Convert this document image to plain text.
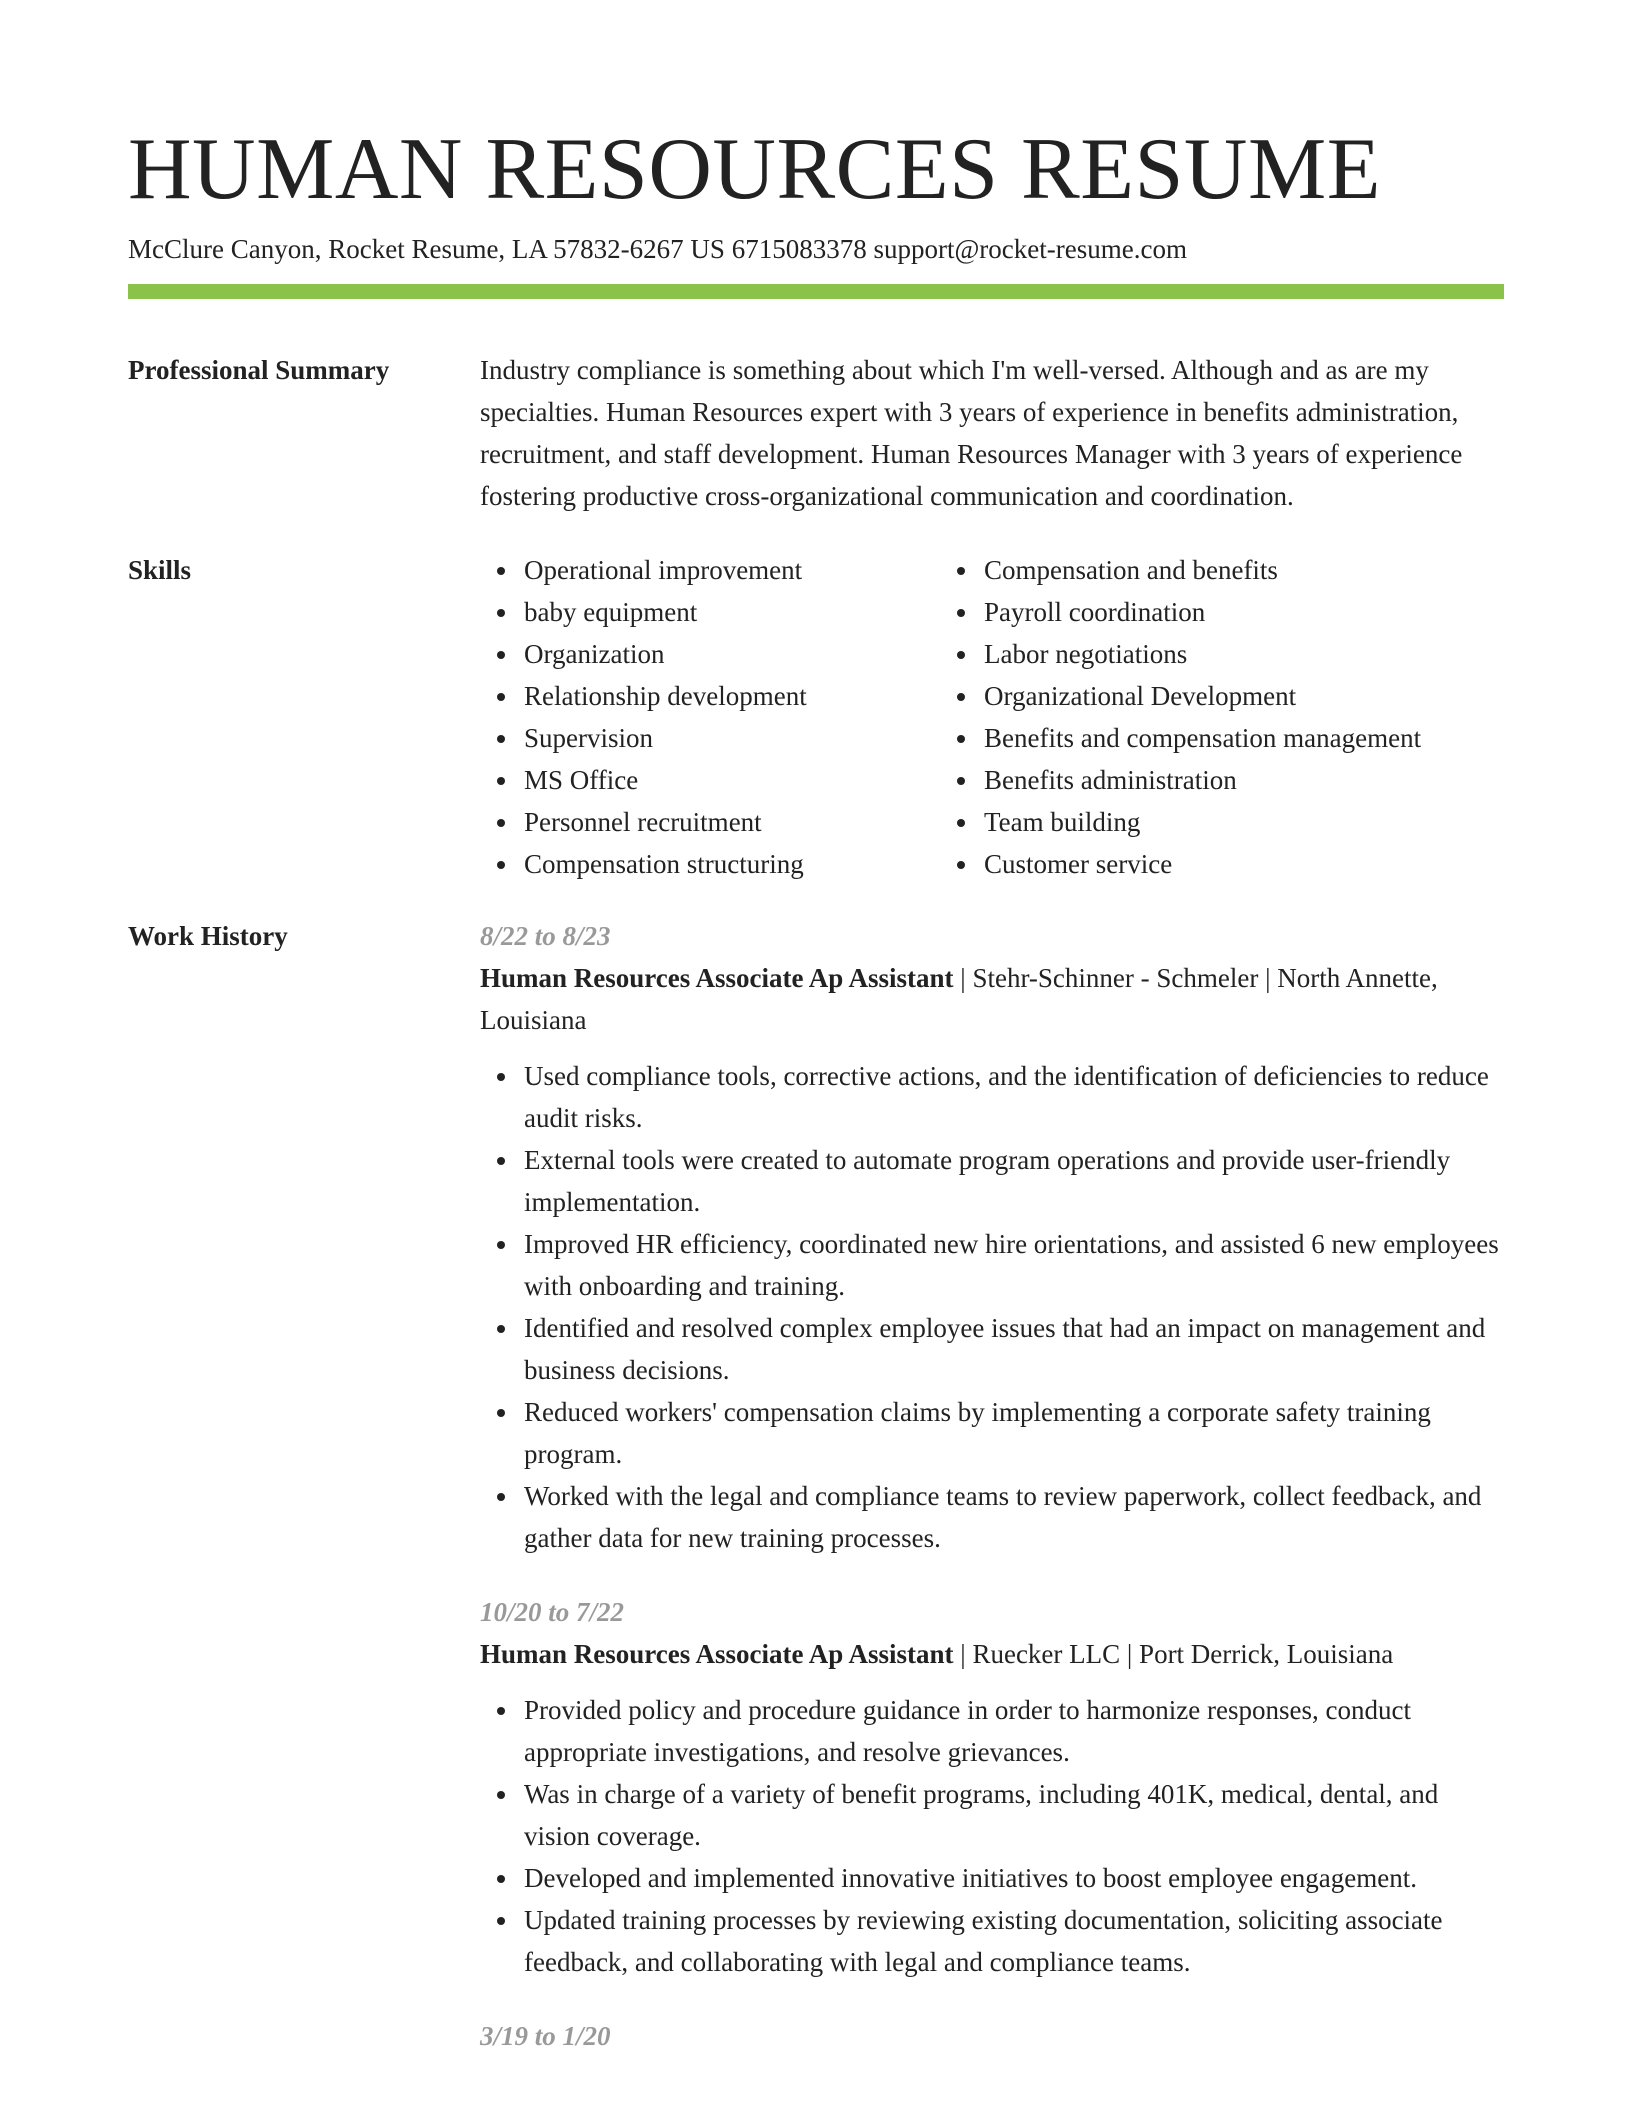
HUMAN RESOURCES RESUME
McClure Canyon, Rocket Resume, LA 57832-6267 US 6715083378 support@rocket-resume.com
Professional Summary	Industry compliance is something about which I'm well-versed. Although and as are my specialties. Human Resources expert with 3 years of experience in benefits administration, recruitment, and staff development. Human Resources Manager with 3 years of experience fostering productive cross-organizational communication and coordination.

Skills	Operational improvement
baby equipment
Organization
Relationship development
Supervision
MS Office
Personnel recruitment
Compensation structuring
Compensation and benefits
Payroll coordination
Labor negotiations
Organizational Development
Benefits and compensation management
Benefits administration
Team building
Customer service
Work History	8/22 to 8/23
Human Resources Associate Ap Assistant | Stehr-Schinner - Schmeler | North Annette, Louisiana
Used compliance tools, corrective actions, and the identification of deficiencies to reduce audit risks.
External tools were created to automate program operations and provide user-friendly implementation.
Improved HR efficiency, coordinated new hire orientations, and assisted 6 new employees with onboarding and training.
Identified and resolved complex employee issues that had an impact on management and business decisions.
Reduced workers' compensation claims by implementing a corporate safety training program.
Worked with the legal and compliance teams to review paperwork, collect feedback, and gather data for new training processes.
10/20 to 7/22
Human Resources Associate Ap Assistant | Ruecker LLC | Port Derrick, Louisiana
Provided policy and procedure guidance in order to harmonize responses, conduct appropriate investigations, and resolve grievances.
Was in charge of a variety of benefit programs, including 401K, medical, dental, and vision coverage.
Developed and implemented innovative initiatives to boost employee engagement.
Updated training processes by reviewing existing documentation, soliciting associate feedback, and collaborating with legal and compliance teams.
3/19 to 1/20
